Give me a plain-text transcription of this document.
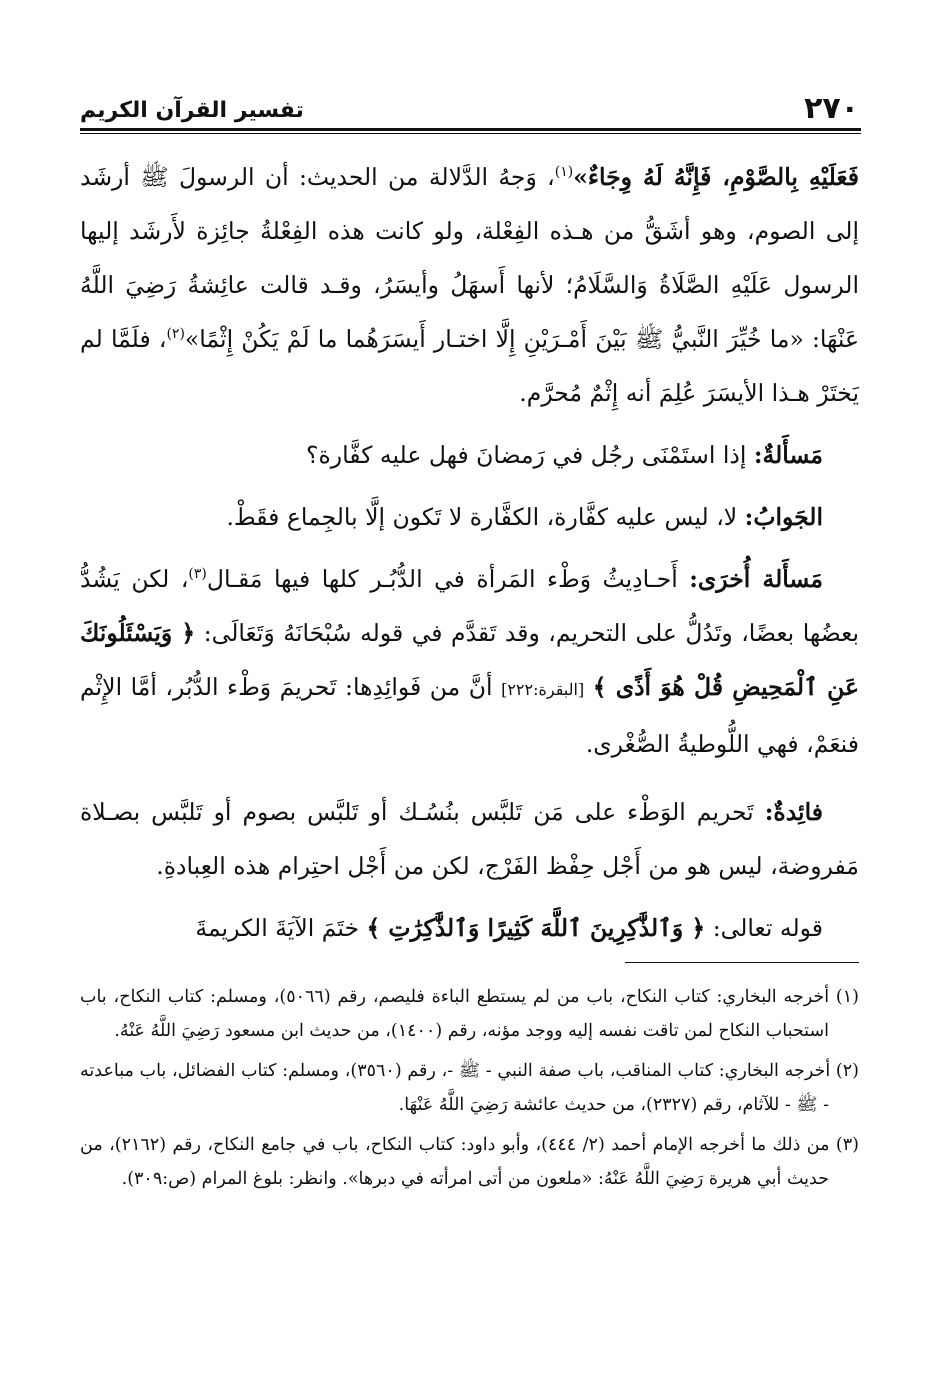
٢٧٠
تفسير القرآن الكريم

فَعَلَيْهِ بِالصَّوْمِ، فَإِنَّهُ لَهُ وِجَاءٌ»$^{(١)}$، وَجهُ الدَّلالة من الحديث: أن الرسولَ ﷺ أرشَد إلى الصوم، وهو أشَقُّ من هـذه الفِعْلة، ولو كانت هذه الفِعْلةُ جائِزة لأَرشَد إليها الرسول عَلَيْهِ الصَّلَاةُ وَالسَّلَامُ؛ لأنها أَسهَلُ وأيسَرُ، وقـد قالت عائِشةُ رَضِيَ اللَّهُ عَنْهَا: «ما خُيِّرَ النَّبيُّ ﷺ بَيْنَ أَمْـرَيْنِ إِلَّا اختـار أَيسَرَهُما ما لَمْ يَكُنْ إِثْمًا»$^{(٢)}$، فلَمَّا لم يَختَرْ هـذا الأيسَرَ عُلِمَ أنه إِثْمٌ مُحرَّم.

مَسأَلةٌ: إذا استَمْنَى رجُل في رَمضانَ فهل عليه كفَّارة؟

الجَوابُ: لا، ليس عليه كفَّارة، الكفَّارة لا تَكون إلَّا بالجِماع فقَطْ.

مَسأَلة أُخرَى: أَحـادِيثُ وَطْء المَرأة في الدُّبُـر كلها فيها مَقـال$^{(٣)}$، لكن يَشُدُّ بعضُها بعضًا، وتَدُلُّ على التحريم، وقد تَقدَّم في قوله سُبْحَانَهُ وَتَعَالَى: ﴿ وَيَسْئَلُونَكَ عَنِ ٱلْمَحِيضِ قُلْ هُوَ أَذًى ﴾ [البقرة:٢٢٢] أنَّ من فَوائِدِها: تَحريمَ وَطْء الدُّبُر، أمَّا الإِثْم فنعَمْ، فهي اللُّوطيةُ الصُّغْرى.

فائِدةٌ: تَحريم الوَطْء على مَن تَلبَّس بنُسُـك أو تَلبَّس بصوم أو تَلبَّس بصـلاة مَفروضة، ليس هو من أَجْل حِفْظ الفَرْج، لكن من أَجْل احتِرام هذه العِبادةِ.

قوله تعالى: ﴿ وَٱلذَّٰكِرِينَ ٱللَّهَ كَثِيرًا وَٱلذَّٰكِرَٰتِ ﴾ ختَمَ الآيَةَ الكريمةَ

(١) أخرجه البخاري: كتاب النكاح، باب من لم يستطع الباءة فليصم، رقم (٥٠٦٦)، ومسلم: كتاب النكاح، باب استحباب النكاح لمن تاقت نفسه إليه ووجد مؤنه، رقم (١٤٠٠)، من حديث ابن مسعود رَضِيَ اللَّهُ عَنْهُ.

(٢) أخرجه البخاري: كتاب المناقب، باب صفة النبي - ﷺ -، رقم (٣٥٦٠)، ومسلم: كتاب الفضائل، باب مباعدته - ﷺ - للآثام، رقم (٢٣٢٧)، من حديث عائشة رَضِيَ اللَّهُ عَنْهَا.

(٣) من ذلك ما أخرجه الإمام أحمد (٢/ ٤٤٤)، وأبو داود: كتاب النكاح، باب في جامع النكاح، رقم (٢١٦٢)، من حديث أبي هريرة رَضِيَ اللَّهُ عَنْهُ: «ملعون من أتى امرأته في دبرها». وانظر: بلوغ المرام (ص:٣٠٩).
